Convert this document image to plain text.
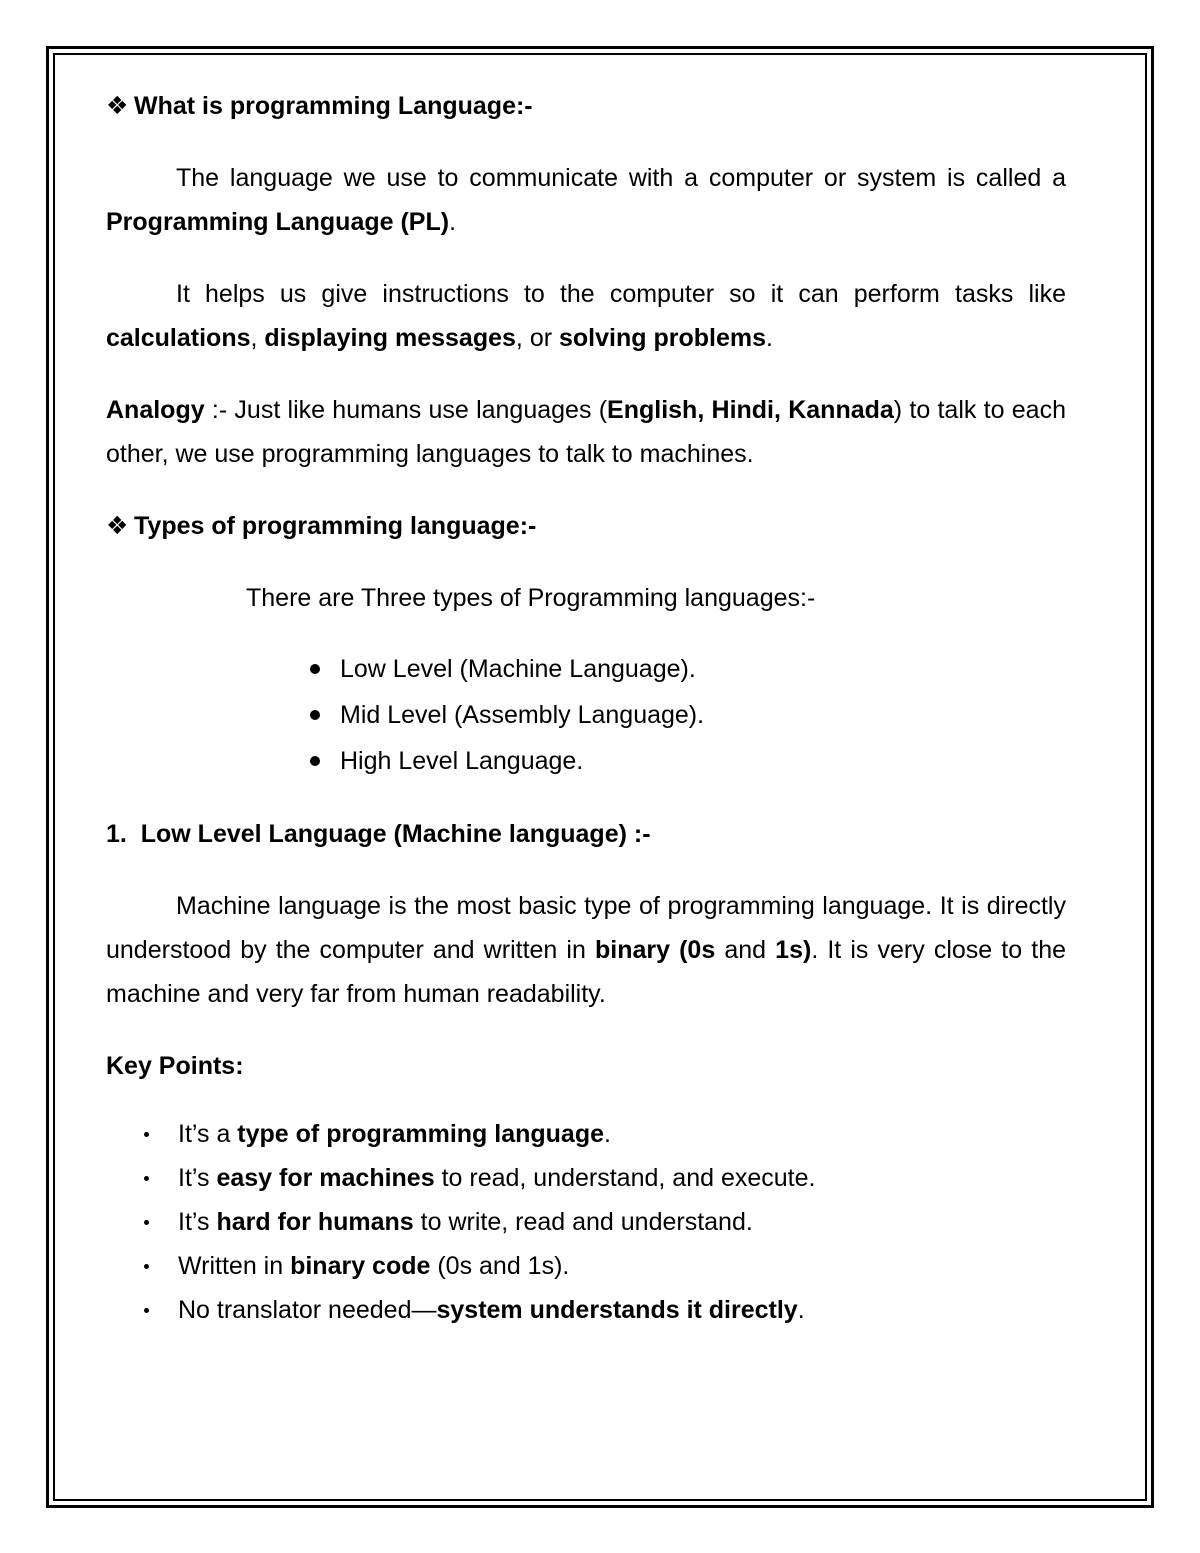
❖ What is programming Language:-

The language we use to communicate with a computer or system is called a Programming Language (PL).

It helps us give instructions to the computer so it can perform tasks like calculations, displaying messages, or solving problems.

Analogy :- Just like humans use languages (English, Hindi, Kannada) to talk to each other, we use programming languages to talk to machines.

❖ Types of programming language:-

There are Three types of Programming languages:-

Low Level (Machine Language).
Mid Level (Assembly Language).
High Level Language.
1.  Low Level Language (Machine language) :-

Machine language is the most basic type of programming language. It is directly understood by the computer and written in binary (0s and 1s). It is very close to the machine and very far from human readability.

Key Points:
It’s a type of programming language.
It’s easy for machines to read, understand, and execute.
It’s hard for humans to write, read and understand.
Written in binary code (0s and 1s).
No translator needed—system understands it directly.
